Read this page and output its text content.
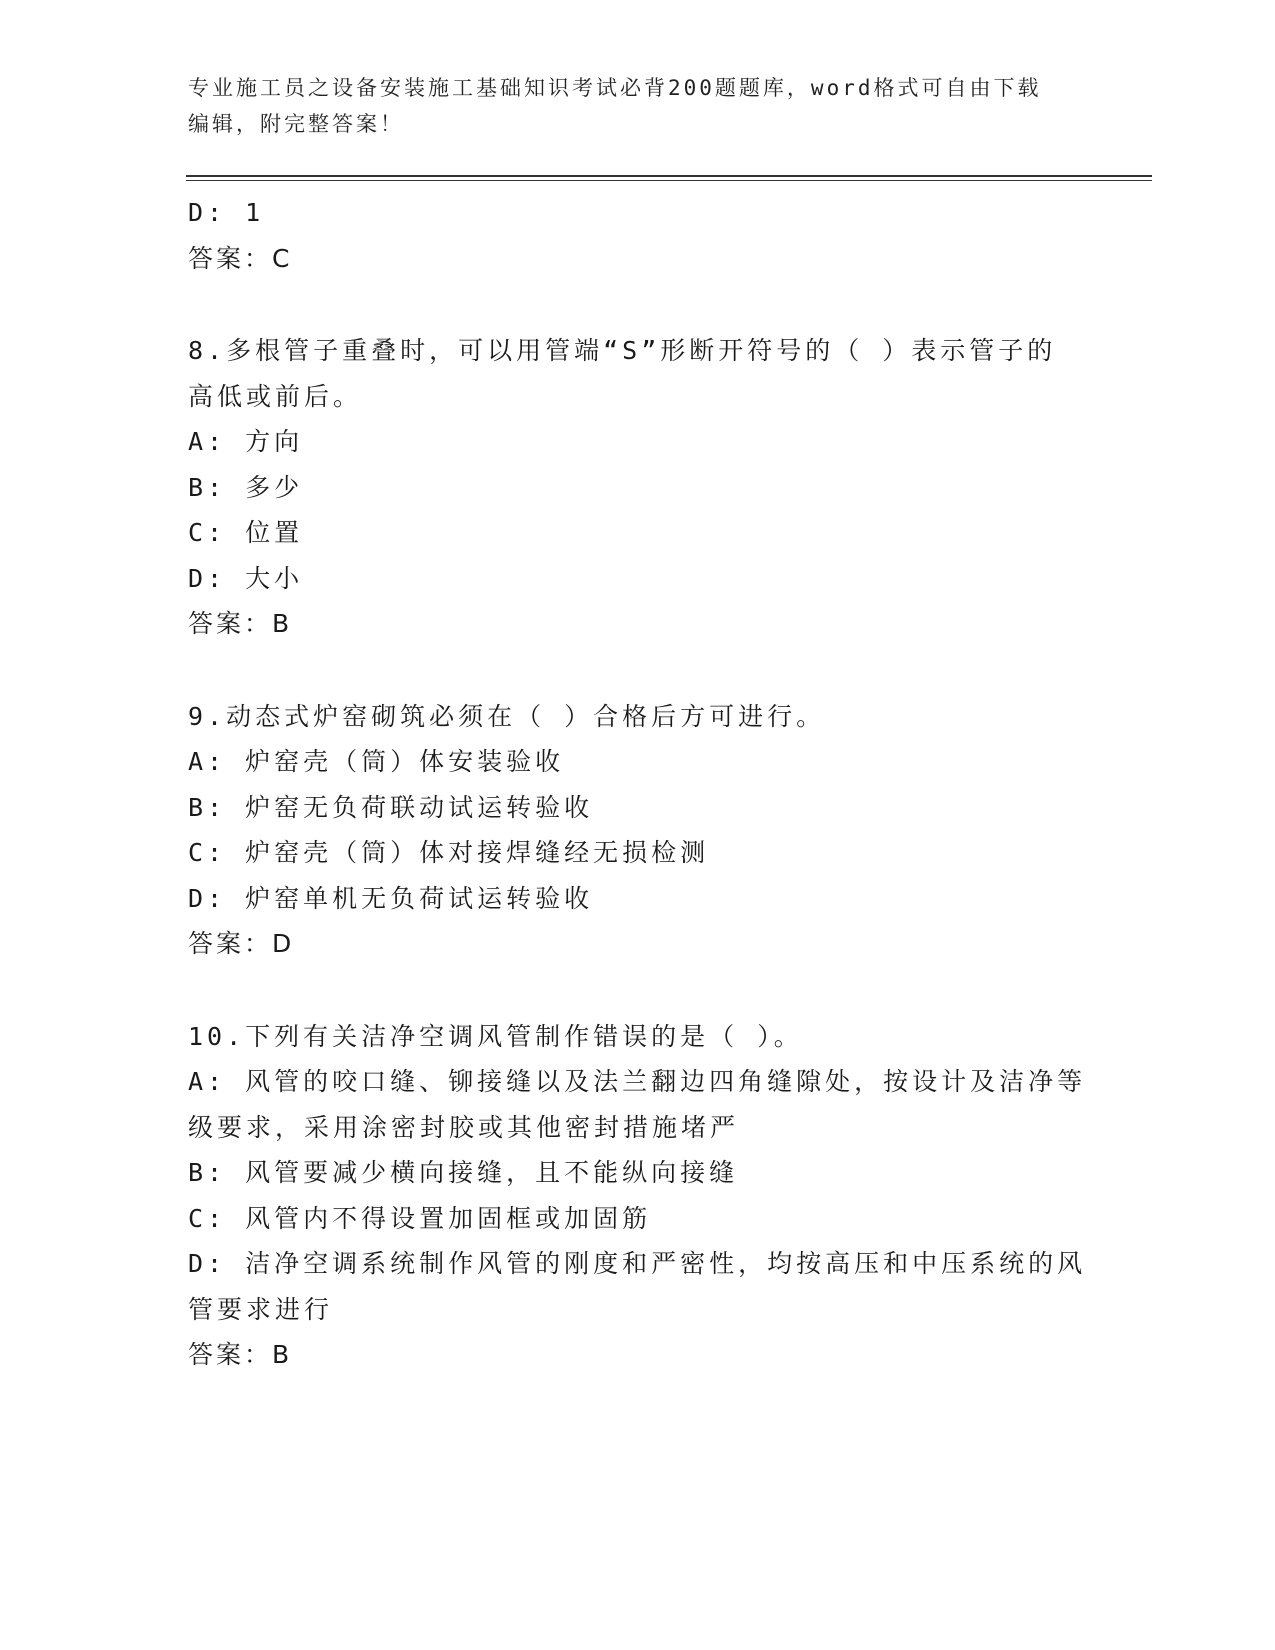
专业施工员之设备安装施工基础知识考试必背200题题库，word格式可自由下载
编辑，附完整答案！
D: 1
答案：C
8.多根管子重叠时，可以用管端“S”形断开符号的（ ）表示管子的
高低或前后。
A: 方向
B: 多少
C: 位置
D: 大小
答案：B
9.动态式炉窑砌筑必须在（ ）合格后方可进行。
A: 炉窑壳（筒）体安装验收
B: 炉窑无负荷联动试运转验收
C: 炉窑壳（筒）体对接焊缝经无损检测
D: 炉窑单机无负荷试运转验收
答案：D
10.下列有关洁净空调风管制作错误的是（ ）。
A: 风管的咬口缝、铆接缝以及法兰翻边四角缝隙处，按设计及洁净等
级要求，采用涂密封胶或其他密封措施堵严
B: 风管要减少横向接缝，且不能纵向接缝
C: 风管内不得设置加固框或加固筋
D: 洁净空调系统制作风管的刚度和严密性，均按高压和中压系统的风
管要求进行
答案：B
